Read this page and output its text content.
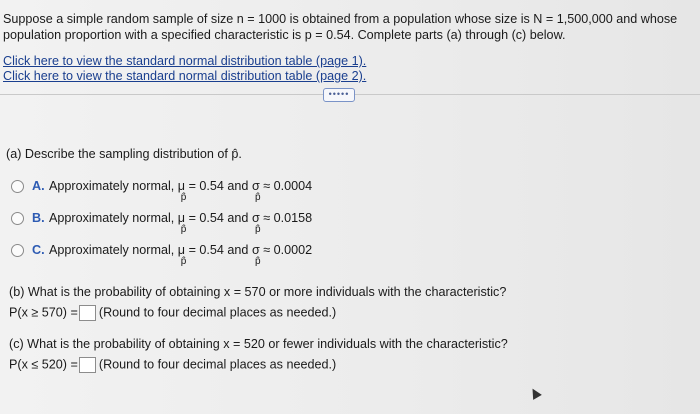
Suppose a simple random sample of size n = 1000 is obtained from a population whose size is N = 1,500,000 and whose
population proportion with a specified characteristic is p = 0.54. Complete parts (a) through (c) below.
Click here to view the standard normal distribution table (page 1).
Click here to view the standard normal distribution table (page 2).
•••••
(a) Describe the sampling distribution of p̂.
A. Approximately normal, μ
p̂
= 0.54 and σ
p̂
≈ 0.0004
B. Approximately normal, μ
p̂
= 0.54 and σ
p̂
≈ 0.0158
C. Approximately normal, μ
p̂
= 0.54 and σ
p̂
≈ 0.0002
(b) What is the probability of obtaining x = 570 or more individuals with the characteristic?
P(x ≥ 570) = (Round to four decimal places as needed.)
(c) What is the probability of obtaining x = 520 or fewer individuals with the characteristic?
P(x ≤ 520) = (Round to four decimal places as needed.)
